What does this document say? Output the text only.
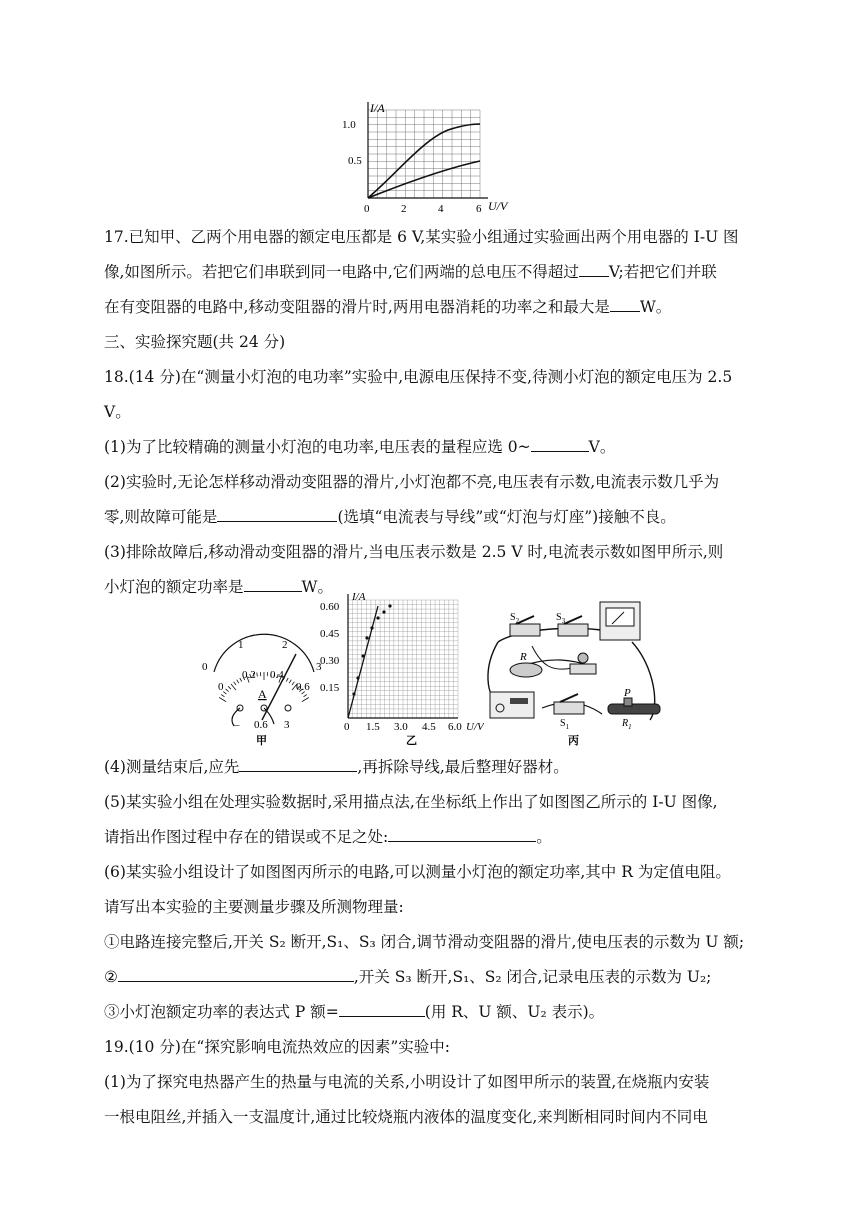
I/A
U/V
1.0
0.5
0	2	4	6
17.已知甲、乙两个用电器的额定电压都是 6 V,某实验小组通过实验画出两个用电器的 I-U 图
像,如图所示。若把它们串联到同一电路中,它们两端的总电压不得超过 V;若把它们并联
在有变阻器的电路中,移动变阻器的滑片时,两用电器消耗的功率之和最大是 W。
三、实验探究题(共 24 分)
18.(14 分)在“测量小灯泡的电功率”实验中,电源电压保持不变,待测小灯泡的额定电压为 2.5
V。
(1)为了比较精确的测量小灯泡的电功率,电压表的量程应选 0~	V。
(2)实验时,无论怎样移动滑动变阻器的滑片,小灯泡都不亮,电压表有示数,电流表示数几乎为
零,则故障可能是	(选填“电流表与导线”或“灯泡与灯座”)接触不良。
(3)排除故障后,移动滑动变阻器的滑片,当电压表示数是 2.5 V 时,电流表示数如图甲所示,则
小灯泡的额定功率是	W。
0
1	2
3
0
0.2 0.4
0.6
A
– 0.6 3
甲
I/A
0.60
0.45
0.30
0.15
0 1.5 3.0 4.5 6.0 U/V
乙
$S_2$	$S_3$
R
$S_1$
P
$R_1$
丙
(4)测量结束后,应先	,再拆除导线,最后整理好器材。
(5)某实验小组在处理实验数据时,采用描点法,在坐标纸上作出了如图图乙所示的 I-U 图像,
请指出作图过程中存在的错误或不足之处:	。
(6)某实验小组设计了如图图丙所示的电路,可以测量小灯泡的额定功率,其中 R 为定值电阻。
请写出本实验的主要测量步骤及所测物理量:
①电路连接完整后,开关 S₂ 断开,S₁、S₃ 闭合,调节滑动变阻器的滑片,使电压表的示数为 U 额;
②	,开关 S₃ 断开,S₁、S₂ 闭合,记录电压表的示数为 U₂;
③小灯泡额定功率的表达式 P 额=	(用 R、U 额、U₂ 表示)。
19.(10 分)在“探究影响电流热效应的因素”实验中:
(1)为了探究电热器产生的热量与电流的关系,小明设计了如图甲所示的装置,在烧瓶内安装
一根电阻丝,并插入一支温度计,通过比较烧瓶内液体的温度变化,来判断相同时间内不同电
